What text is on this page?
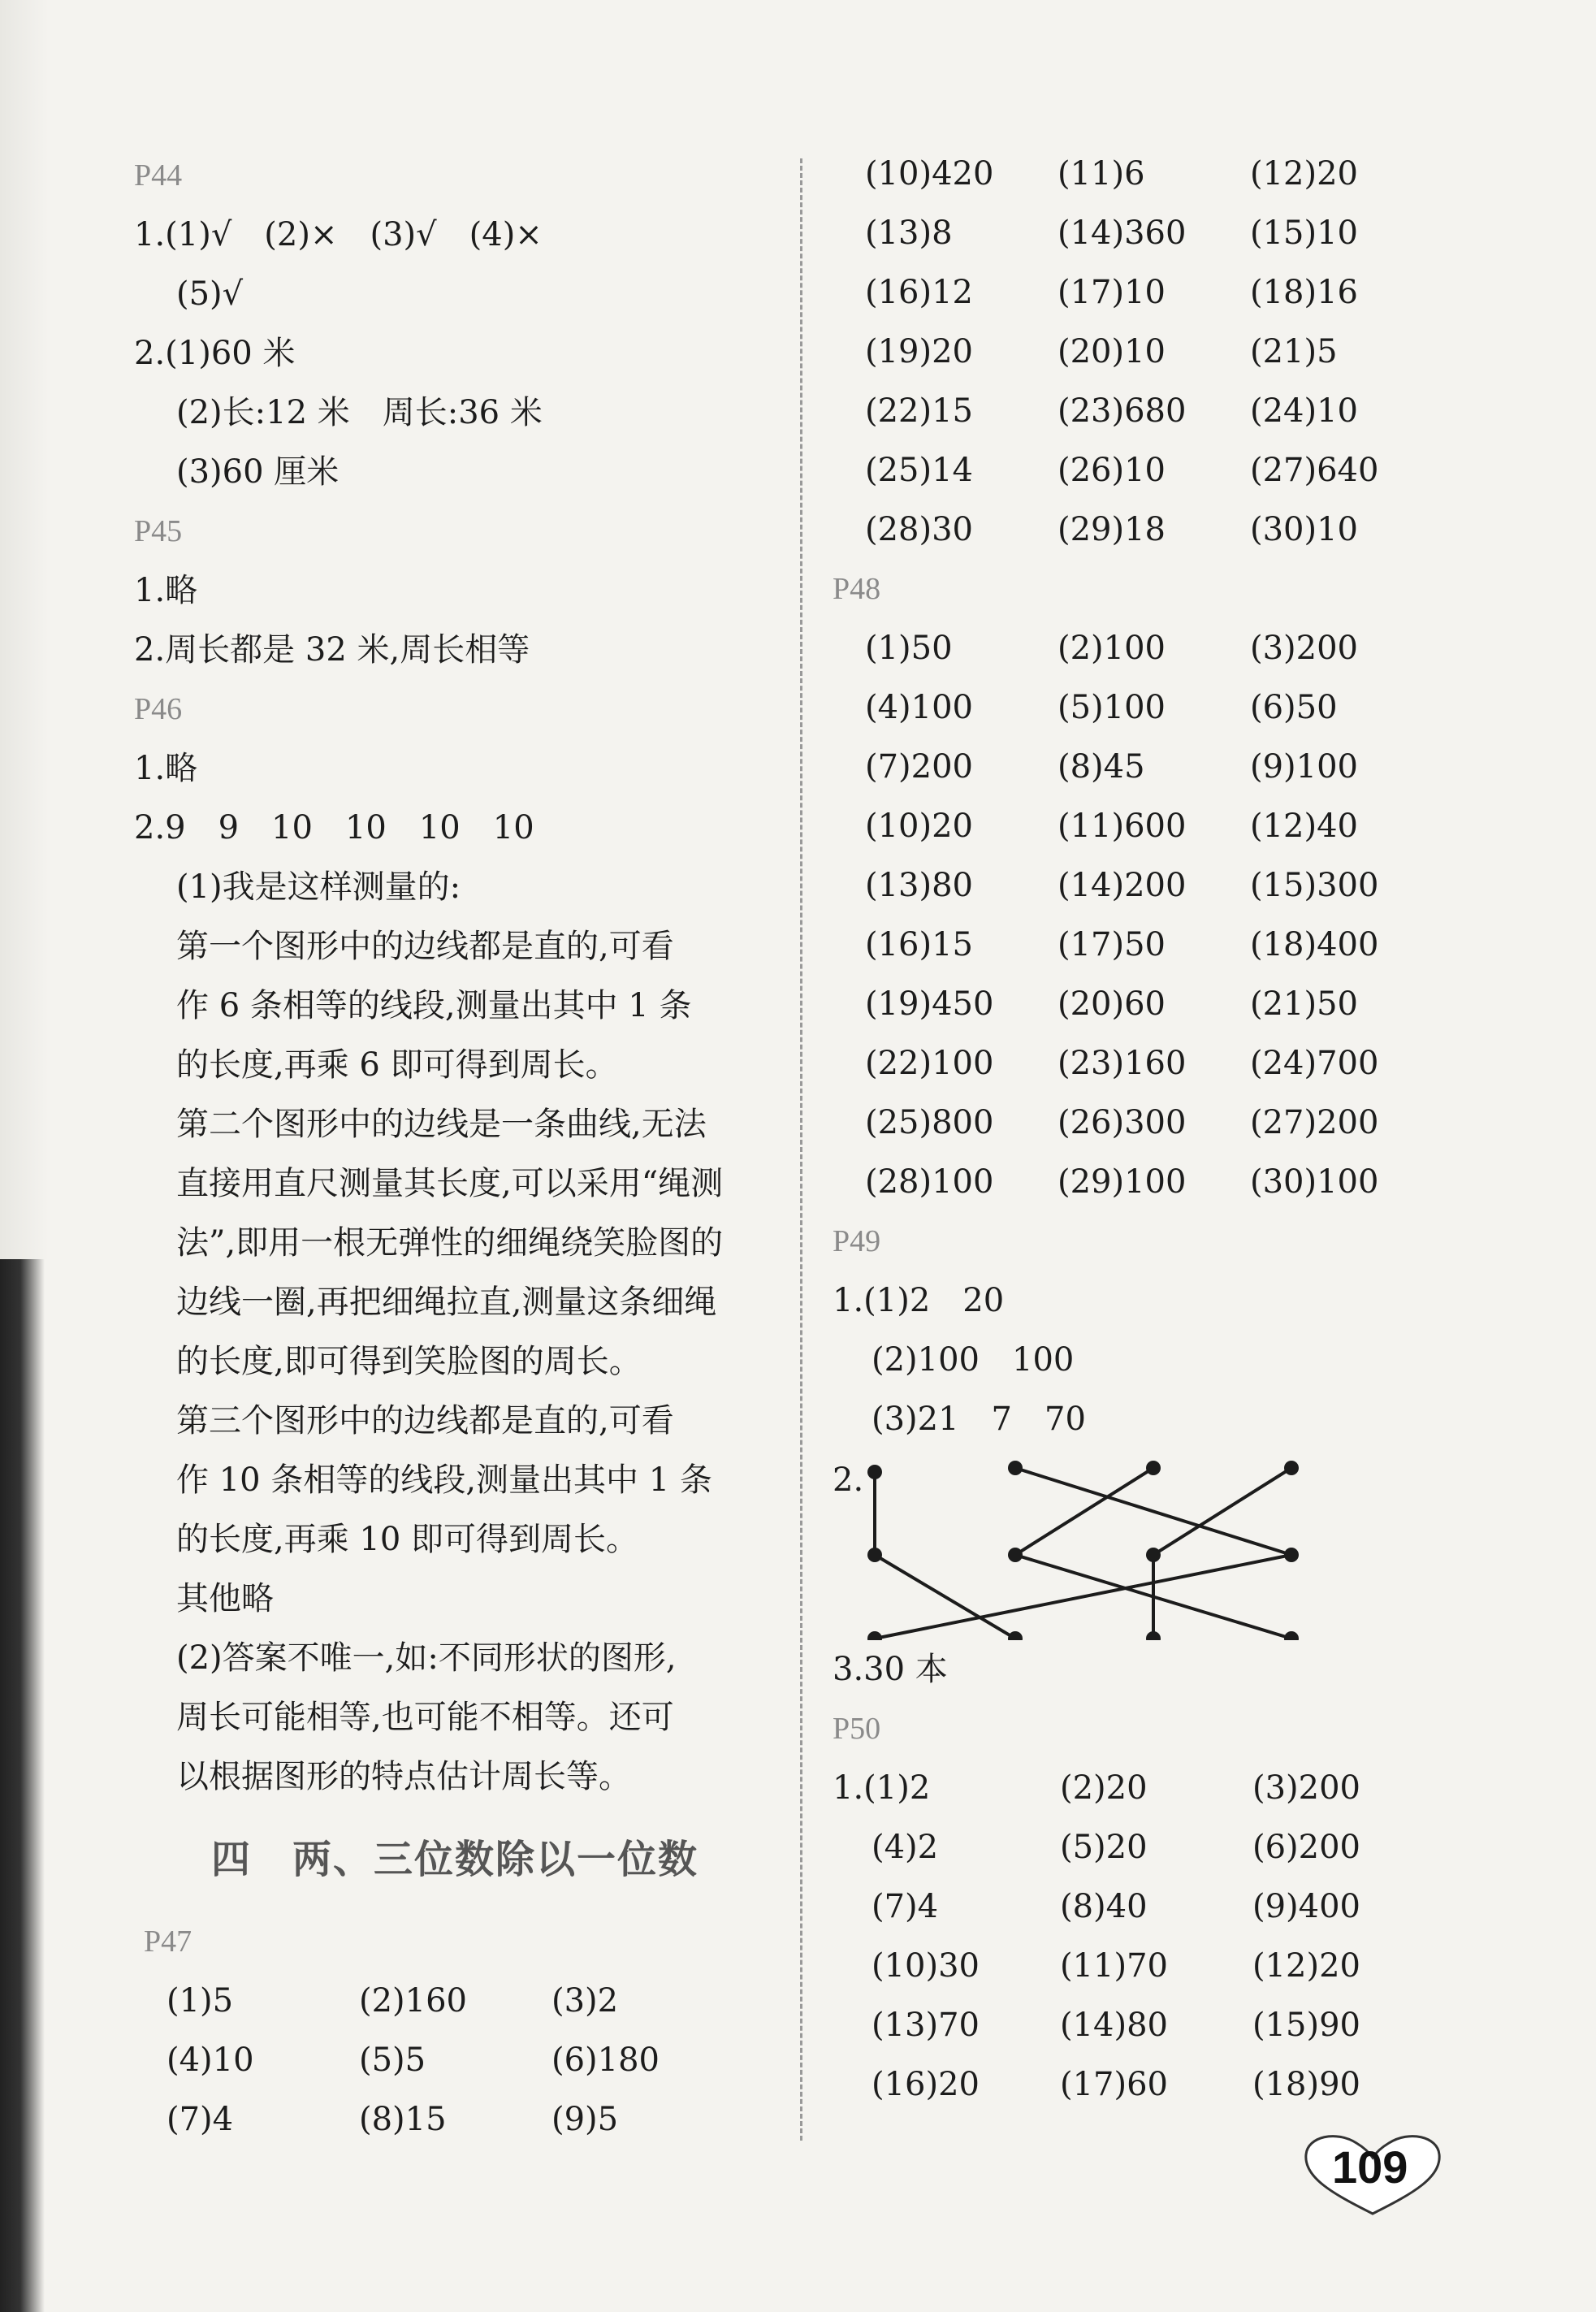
P44
1.(1)√　(2)×　(3)√　(4)×
(5)√
2.(1)60 米
(2)长:12 米　周长:36 米
(3)60 厘米
P45
1.略
2.周长都是 32 米,周长相等
P46
1.略
2.9　9　10　10　10　10
(1)我是这样测量的:
第一个图形中的边线都是直的,可看
作 6 条相等的线段,测量出其中 1 条
的长度,再乘 6 即可得到周长。
第二个图形中的边线是一条曲线,无法
直接用直尺测量其长度,可以采用“绳测
法”,即用一根无弹性的细绳绕笑脸图的
边线一圈,再把细绳拉直,测量这条细绳
的长度,即可得到笑脸图的周长。
第三个图形中的边线都是直的,可看
作 10 条相等的线段,测量出其中 1 条
的长度,再乘 10 即可得到周长。
其他略
(2)答案不唯一,如:不同形状的图形,
周长可能相等,也可能不相等。还可
以根据图形的特点估计周长等。
四　两、三位数除以一位数
P47
(1)5	(2)160	(3)2
(4)10	(5)5	(6)180
(7)4	(8)15	(9)5
(10)420	(11)6	(12)20
(13)8	(14)360	(15)10
(16)12	(17)10	(18)16
(19)20	(20)10	(21)5
(22)15	(23)680	(24)10
(25)14	(26)10	(27)640
(28)30	(29)18	(30)10
P48
(1)50	(2)100	(3)200
(4)100	(5)100	(6)50
(7)200	(8)45	(9)100
(10)20	(11)600	(12)40
(13)80	(14)200	(15)300
(16)15	(17)50	(18)400
(19)450	(20)60	(21)50
(22)100	(23)160	(24)700
(25)800	(26)300	(27)200
(28)100	(29)100	(30)100
P49
1.(1)2　20
(2)100　100
(3)21　7　70
2.
3.30 本
P50
1.(1)2	(2)20	(3)200
(4)2	(5)20	(6)200
(7)4	(8)40	(9)400
(10)30	(11)70	(12)20
(13)70	(14)80	(15)90
(16)20	(17)60	(18)90
109
